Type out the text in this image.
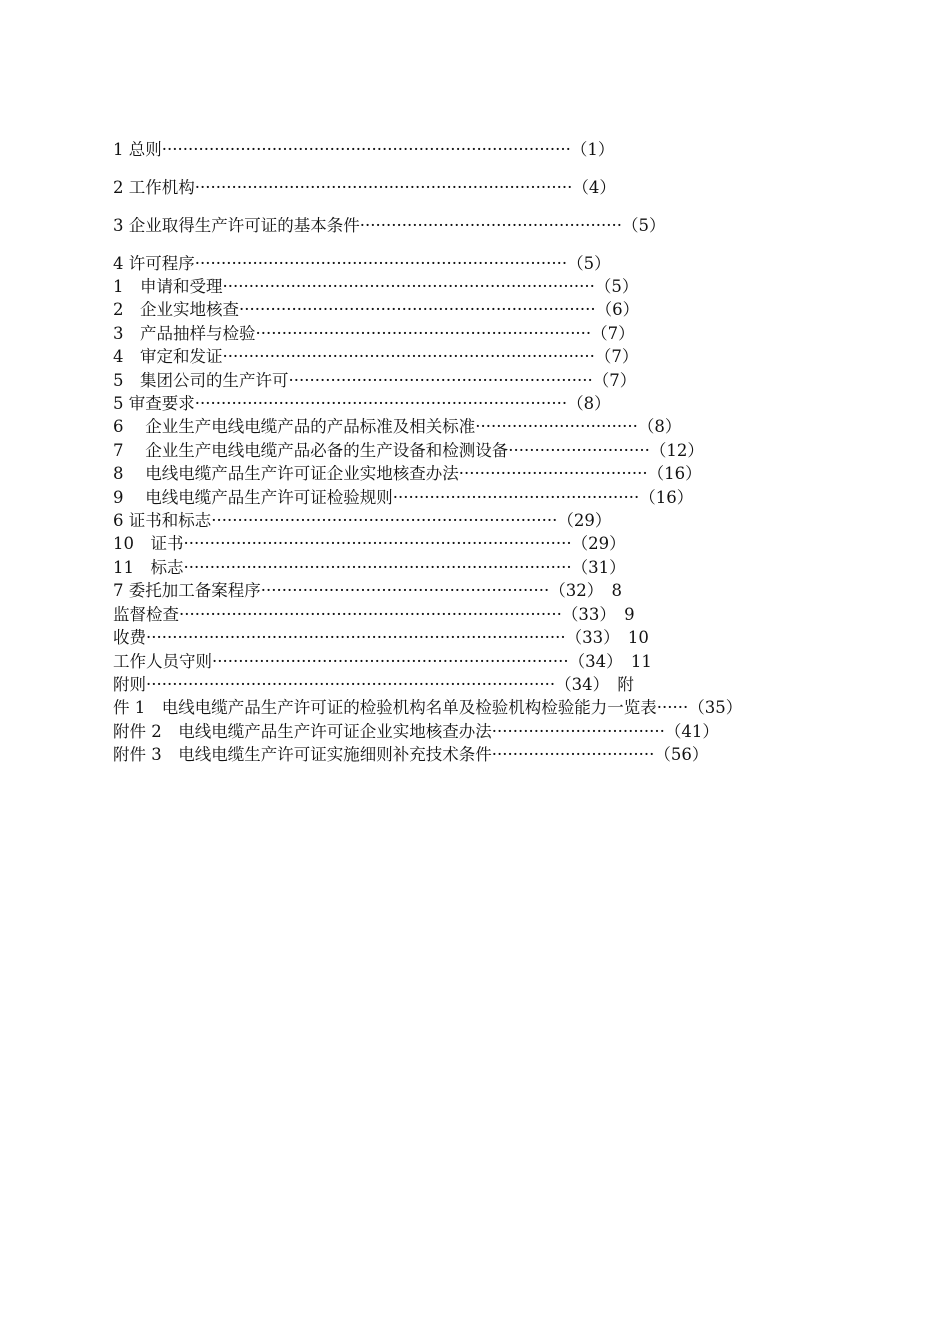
1 总则··············································································（1）
2 工作机构········································································（4）
3 企业取得生产许可证的基本条件··················································（5）
4 许可程序·······································································（5）
1　申请和受理·······································································（5）
2　企业实地核查····································································（6）
3　产品抽样与检验································································（7）
4　审定和发证·······································································（7）
5　集团公司的生产许可··························································（7）
5 审查要求·······································································（8）
6　 企业生产电线电缆产品的产品标准及相关标准·······························（8）
7　 企业生产电线电缆产品必备的生产设备和检测设备···························（12）
8　 电线电缆产品生产许可证企业实地核查办法····································（16）
9　 电线电缆产品生产许可证检验规则···············································（16）
6 证书和标志··································································（29）
10　证书··········································································（29）
11　标志··········································································（31）
7 委托加工备案程序·······················································（32）　8
监督检查·········································································（33）　9
收费················································································（33）　10
工作人员守则····································································（34）　11
附则··············································································（34）　附
件 1　电线电缆产品生产许可证的检验机构名单及检验机构检验能力一览表······（35）
附件 2　电线电缆产品生产许可证企业实地核查办法·································（41）
附件 3　电线电缆生产许可证实施细则补充技术条件·······························（56）
